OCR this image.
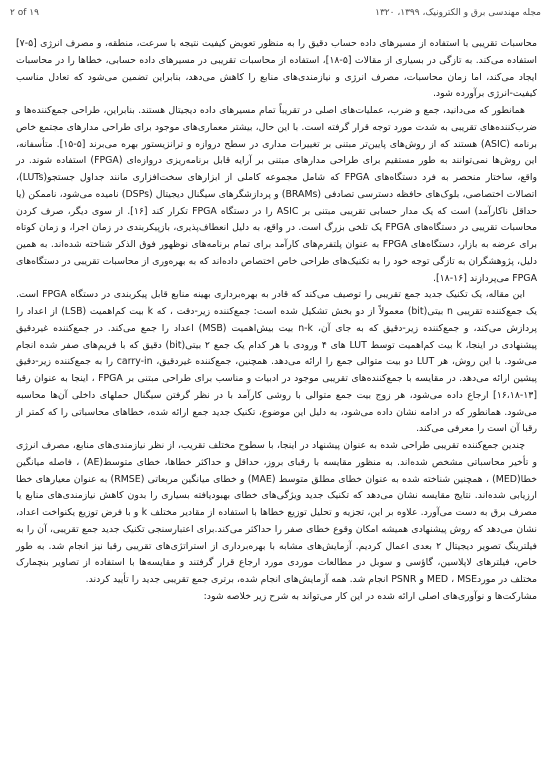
۲ of ۱۹	مجله مهندسی برق و الکترونیک، ۱۳۹۹، ۱۳۲۰

محاسبات تقریبی با استفاده از مسیرهای داده حساب دقیق را به منظور تعویض کیفیت نتیجه با سرعت، منطقه، و مصرف انرژی [۵-۷] استفاده می‌کند. به تازگی در بسیاری از مقالات [۵-۱۸]، استفاده از محاسبات تقریبی در مسیرهای داده حسابی، خطاها را در محاسبات ایجاد می‌کند، اما زمان محاسبات، مصرف انرژی و نیازمندی‌های منابع را کاهش می‌دهد، بنابراین تضمین می‌شود که تعادل مناسب کیفیت-انرژی برآورده شود.

همانطور که می‌دانید، جمع و ضرب، عملیات‌های اصلی در تقریباً تمام مسیرهای داده دیجیتال هستند. بنابراین، طراحی جمع‌کننده‌ها و ضرب‌کننده‌های تقریبی به شدت مورد توجه قرار گرفته است. با این حال، بیشتر معماری‌های موجود برای طراحی مدارهای مجتمع خاص برنامه (ASIC) هستند که از روش‌های پایین‌تر مبتنی بر تغییرات مداری در سطح دروازه و ترانزیستور بهره می‌برند [۵-۱۵]. متأسفانه، این روش‌ها نمی‌توانند به طور مستقیم برای طراحی مدارهای مبتنی بر آرایه قابل برنامه‌ریزی دروازه‌ای (FPGA) استفاده شوند. در واقع، ساختار منحصر به فرد دستگاه‌های FPGA که شامل مجموعه کاملی از ابزارهای سخت‌افزاری مانند جداول جستجو(LUTs)، اتصالات اختصاصی، بلوک‌های حافظه دسترسی تصادفی (BRAMs) و پردازشگرهای سیگنال دیجیتال (DSPs) نامیده می‌شود، ناممکن (یا حداقل ناکارآمد) است که یک مدار حسابی تقریبی مبتنی بر ASIC را در دستگاه FPGA تکرار کند [۱۶]. از سوی دیگر، صرف کردن محاسبات تقریبی در دستگاه‌های FPGA یک تلخی بزرگ است. در واقع، به دلیل انعطاف‌پذیری، بازپیکربندی در زمان اجرا، و زمان کوتاه برای عرضه به بازار، دستگاه‌های FPGA به عنوان پلتفرم‌های کارآمد برای تمام برنامه‌های نوظهور فوق الذکر شناخته شده‌اند. به همین دلیل، پژوهشگران به تازگی توجه خود را به تکنیک‌های طراحی خاص اختصاص داده‌اند که به بهره‌وری از محاسبات تقریبی در دستگاه‌های FPGA می‌پردازند [۱۶-۱۸].

این مقاله، یک تکنیک جدید جمع تقریبی را توصیف می‌کند که قادر به بهره‌برداری بهینه منابع قابل پیکربندی در دستگاه FPGA است. یک جمع‌کننده تقریبی n بیتی(bit) معمولاً از دو بخش تشکیل شده است: جمع‌کننده زیر-دقت ، که k بیت کم‌اهمیت (LSB) از اعداد را پردازش می‌کند، و جمع‌کننده زیر-دقیق که به جای آن، n-k بیت بیش‌اهمیت (MSB) اعداد را جمع می‌کند. در جمع‌کننده غیردقیق پیشنهادی در اینجا، k بیت کم‌اهمیت توسط LUT های ۴ ورودی با هر کدام یک جمع ۲ بیتی(bit) دقیق که با فریم‌های صفر شده انجام می‌شود. با این روش، هر LUT دو بیت متوالی جمع را ارائه می‌دهد. همچنین، جمع‌کننده غیردقیق، carry-in را به جمع‌کننده زیر-دقیق پیشین ارائه می‌دهد. در مقایسه با جمع‌کننده‌های تقریبی موجود در ادبیات و مناسب برای طراحی مبتنی بر FPGA ، اینجا به عنوان رقبا [۱۳-۱۶،۱۸] ارجاع داده می‌شود، هر زوج بیت جمع متوالی با روشی کارآمد با در نظر گرفتن سیگنال حملهای داخلی آن‌ها محاسبه می‌شود. همانطور که در ادامه نشان داده می‌شود، به دلیل این موضوع، تکنیک جدید جمع ارائه شده، خطاهای محاسباتی را که کمتر از رقبا آن است را معرفی می‌کند.

چندین جمع‌کننده تقریبی طراحی شده به عنوان پیشنهاد در اینجا، با سطوح مختلف تقریب، از نظر نیازمندی‌های منابع، مصرف انرژی و تأخیر محاسباتی مشخص شده‌اند. به منظور مقایسه با رقبای بروز، حداقل و حداکثر خطاها، خطای متوسط(AE) ، فاصله میانگین خطا(MED) ، همچنین شناخته شده به عنوان خطای مطلق متوسط (MAE) و خطای میانگین مربعاتی (RMSE) به عنوان معیارهای خطا ارزیابی شده‌اند. نتایج مقایسه نشان می‌دهد که تکنیک جدید ویژگی‌های خطای بهبودیافته بسیاری را بدون کاهش نیازمندی‌های منابع یا مصرف برق به دست می‌آورد. علاوه بر این، تجزیه و تحلیل توزیع خطاها با استفاده از مقادیر مختلف k و با فرض توزیع یکنواخت اعداد، نشان می‌دهد که روش پیشنهادی همیشه امکان وقوع خطای صفر را حداکثر می‌کند.برای اعتبارسنجی تکنیک جدید جمع تقریبی، آن را به فیلترینگ تصویر دیجیتال ۲ بعدی اعمال کردیم. آزمایش‌های مشابه با بهره‌برداری از استراتژی‌های تقریبی رقبا نیز انجام شد. به طور خاص، فیلترهای لاپلاسین، گاؤسی و سوبل در مطالعات موردی مورد ارجاع قرار گرفتند و مقایسه‌ها با استفاده از تصاویر بنچمارک مختلف در موردMED ، MSE و PSNR انجام شد. همه آزمایش‌های انجام شده، برتری جمع تقریبی جدید را تأیید کردند.

مشارکت‌ها و نوآوری‌های اصلی ارائه شده در این کار می‌تواند به شرح زیر خلاصه شود:
